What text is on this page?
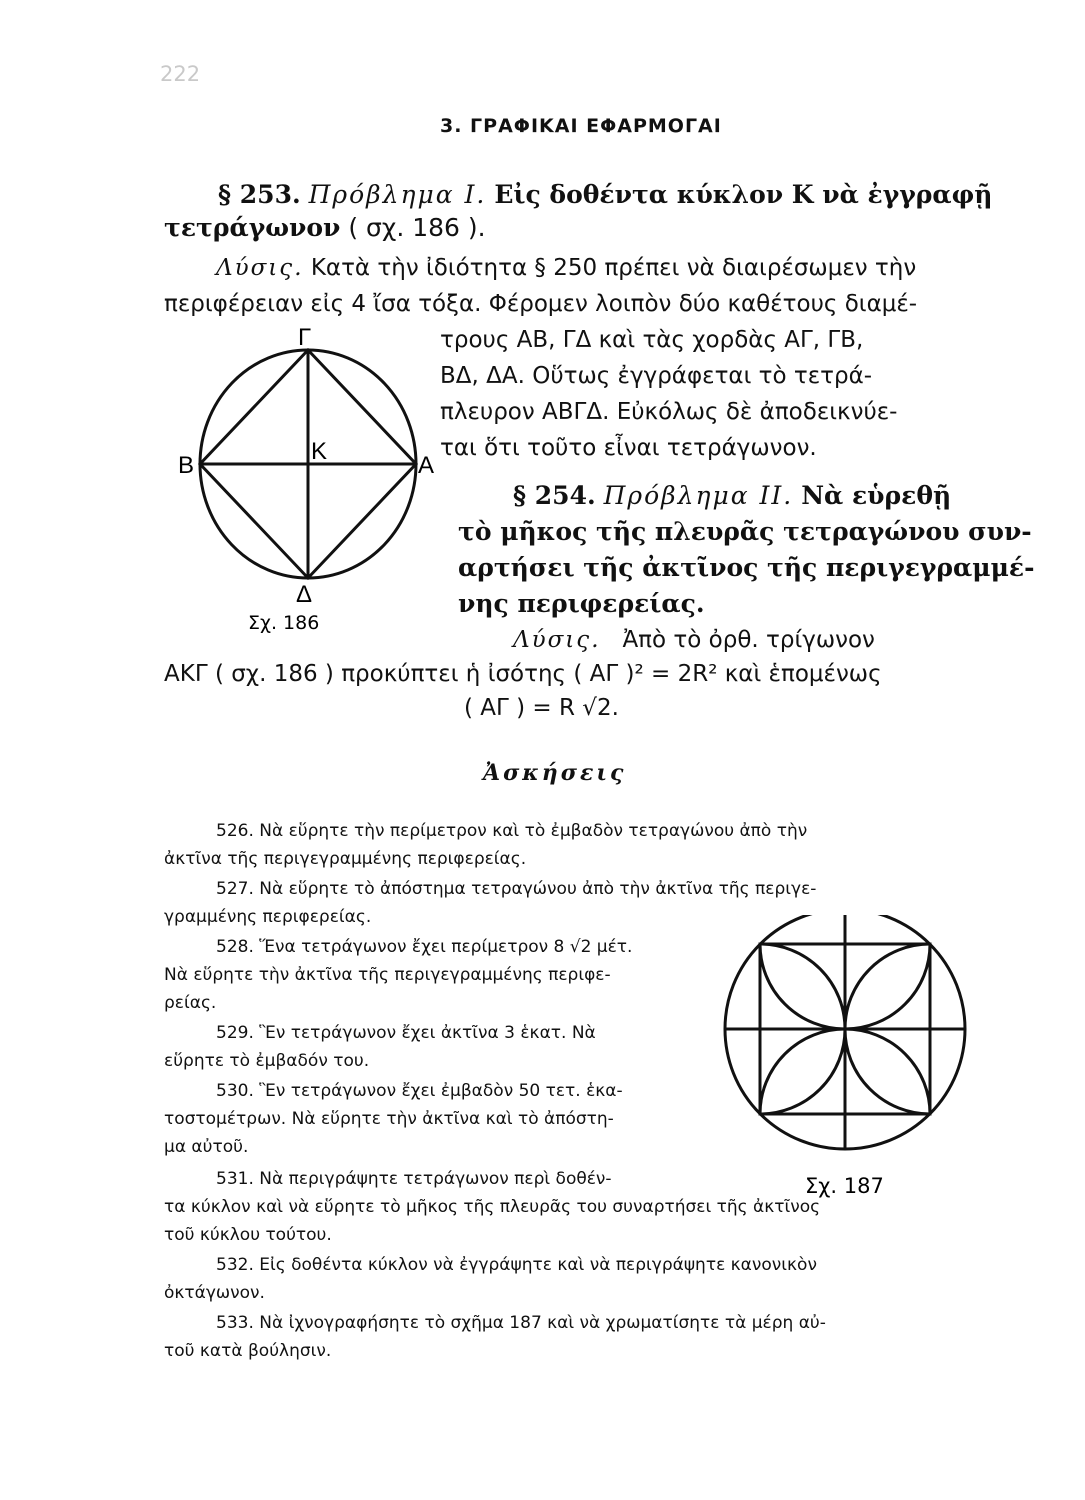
222
3. ΓΡΑΦΙΚΑΙ ΕΦΑΡΜΟΓΑΙ
§ 253. Πρόβλημα Ι. Εἰς δοθέντα κύκλον Κ νὰ ἐγγραφῇ
τετράγωνον ( σχ. 186 ).
Λύσις. Κατὰ τὴν ἰδιότητα § 250 πρέπει νὰ διαιρέσωμεν τὴν
περιφέρειαν εἰς 4 ἴσα τόξα. Φέρομεν λοιπὸν δύο καθέτους διαμέ-
τρους ΑΒ, ΓΔ καὶ τὰς χορδὰς ΑΓ, ΓΒ,
ΒΔ, ΔΑ. Οὕτως ἐγγράφεται τὸ τετρά-
πλευρον ΑΒΓΔ. Εὐκόλως δὲ ἀποδεικνύε-
ται ὅτι τοῦτο εἶναι τετράγωνον.
Γ
Β
Κ
Α
Δ
Σχ. 186
§ 254. Πρόβλημα ΙΙ. Νὰ εὑρεθῇ
τὸ μῆκος τῆς πλευρᾶς τετραγώνου συν-
αρτήσει τῆς ἀκτῖνος τῆς περιγεγραμμέ-
νης περιφερείας.
Λύσις. Ἀπὸ τὸ ὀρθ. τρίγωνον
ΑΚΓ ( σχ. 186 ) προκύπτει ἡ ἰσότης ( ΑΓ )² = 2R² καὶ ἑπομένως
( ΑΓ ) = R √2.
Ἀσκήσεις
526. Νὰ εὕρητε τὴν περίμετρον καὶ τὸ ἐμβαδὸν τετραγώνου ἀπὸ τὴν
ἀκτῖνα τῆς περιγεγραμμένης περιφερείας.
527. Νὰ εὕρητε τὸ ἀπόστημα τετραγώνου ἀπὸ τὴν ἀκτῖνα τῆς περιγε-
γραμμένης περιφερείας.
528. Ἕνα τετράγωνον ἔχει περίμετρον 8 √2 μέτ.
Νὰ εὕρητε τὴν ἀκτῖνα τῆς περιγεγραμμένης περιφε-
ρείας.
529. Ἓν τετράγωνον ἔχει ἀκτῖνα 3 ἑκατ. Νὰ
εὕρητε τὸ ἐμβαδόν του.
530. Ἓν τετράγωνον ἔχει ἐμβαδὸν 50 τετ. ἑκα-
τοστομέτρων. Νὰ εὕρητε τὴν ἀκτῖνα καὶ τὸ ἀπόστη-
μα αὐτοῦ.
531. Νὰ περιγράψητε τετράγωνον περὶ δοθέν-
τα κύκλον καὶ νὰ εὕρητε τὸ μῆκος τῆς πλευρᾶς του συναρτήσει τῆς ἀκτῖνος
τοῦ κύκλου τούτου.
532. Εἰς δοθέντα κύκλον νὰ ἐγγράψητε καὶ νὰ περιγράψητε κανονικὸν
ὀκτάγωνον.
533. Νὰ ἰχνογραφήσητε τὸ σχῆμα 187 καὶ νὰ χρωματίσητε τὰ μέρη αὐ-
τοῦ κατὰ βούλησιν.
Σχ. 187
